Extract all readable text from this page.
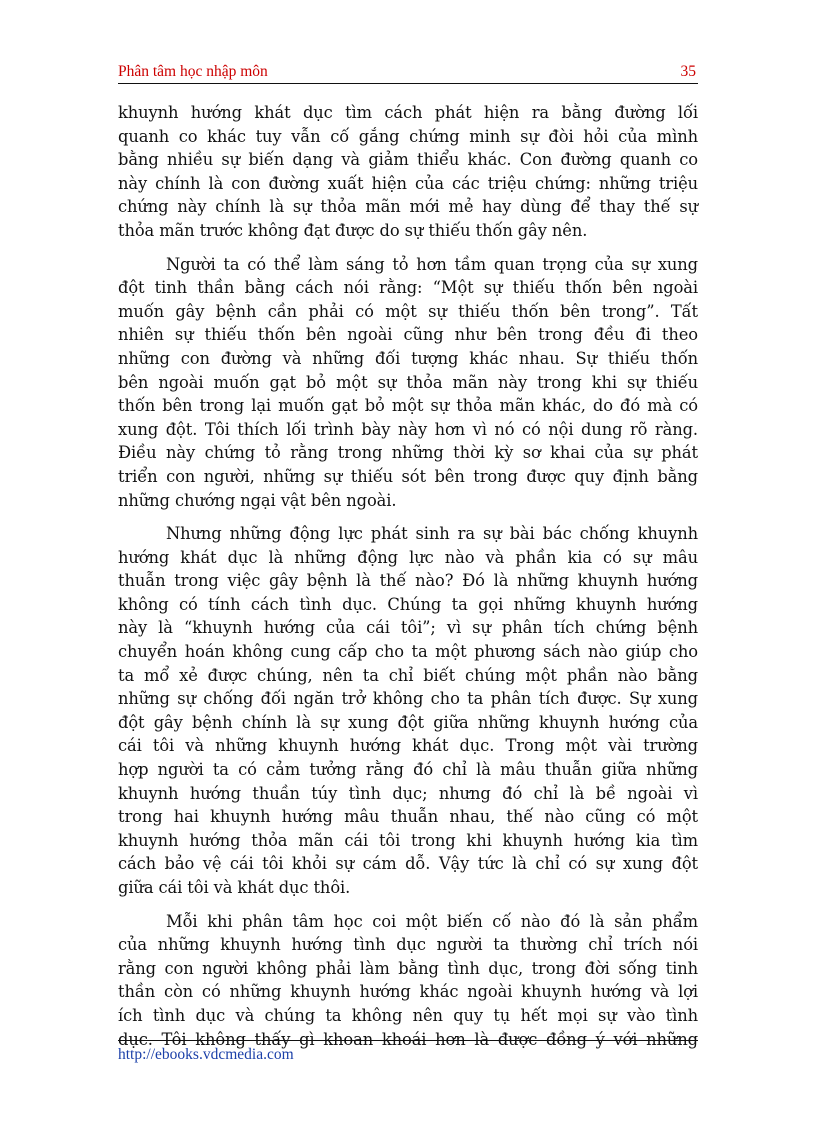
Phân tâm học nhập môn	35
khuynh hướng khát dục tìm cách phát hiện ra bằng đường lối
quanh co khác tuy vẫn cố gắng chứng minh sự đòi hỏi của mình
bằng nhiều sự biến dạng và giảm thiểu khác. Con đường quanh co
này chính là con đường xuất hiện của các triệu chứng: những triệu
chứng này chính là sự thỏa mãn mới mẻ hay dùng để thay thế sự
thỏa mãn trước không đạt được do sự thiếu thốn gây nên.
Người ta có thể làm sáng tỏ hơn tầm quan trọng của sự xung
đột tinh thần bằng cách nói rằng: “Một sự thiếu thốn bên ngoài
muốn gây bệnh cần phải có một sự thiếu thốn bên trong”. Tất
nhiên sự thiếu thốn bên ngoài cũng như bên trong đều đi theo
những con đường và những đối tượng khác nhau. Sự thiếu thốn
bên ngoài muốn gạt bỏ một sự thỏa mãn này trong khi sự thiếu
thốn bên trong lại muốn gạt bỏ một sự thỏa mãn khác, do đó mà có
xung đột. Tôi thích lối trình bày này hơn vì nó có nội dung rõ ràng.
Điều này chứng tỏ rằng trong những thời kỳ sơ khai của sự phát
triển con người, những sự thiếu sót bên trong được quy định bằng
những chướng ngại vật bên ngoài.
Nhưng những động lực phát sinh ra sự bài bác chống khuynh
hướng khát dục là những động lực nào và phần kia có sự mâu
thuẫn trong việc gây bệnh là thế nào? Đó là những khuynh hướng
không có tính cách tình dục. Chúng ta gọi những khuynh hướng
này là “khuynh hướng của cái tôi”; vì sự phân tích chứng bệnh
chuyển hoán không cung cấp cho ta một phương sách nào giúp cho
ta mổ xẻ được chúng, nên ta chỉ biết chúng một phần nào bằng
những sự chống đối ngăn trở không cho ta phân tích được. Sự xung
đột gây bệnh chính là sự xung đột giữa những khuynh hướng của
cái tôi và những khuynh hướng khát dục. Trong một vài trường
hợp người ta có cảm tưởng rằng đó chỉ là mâu thuẫn giữa những
khuynh hướng thuần túy tình dục; nhưng đó chỉ là bề ngoài vì
trong hai khuynh hướng mâu thuẫn nhau, thế nào cũng có một
khuynh hướng thỏa mãn cái tôi trong khi khuynh hướng kia tìm
cách bảo vệ cái tôi khỏi sự cám dỗ. Vậy tức là chỉ có sự xung đột
giữa cái tôi và khát dục thôi.
Mỗi khi phân tâm học coi một biến cố nào đó là sản phẩm
của những khuynh hướng tình dục người ta thường chỉ trích nói
rằng con người không phải làm bằng tình dục, trong đời sống tinh
thần còn có những khuynh hướng khác ngoài khuynh hướng và lợi
ích tình dục và chúng ta không nên quy tụ hết mọi sự vào tình
dục. Tôi không thấy gì khoan khoái hơn là được đồng ý với những
http://ebooks.vdcmedia.com
